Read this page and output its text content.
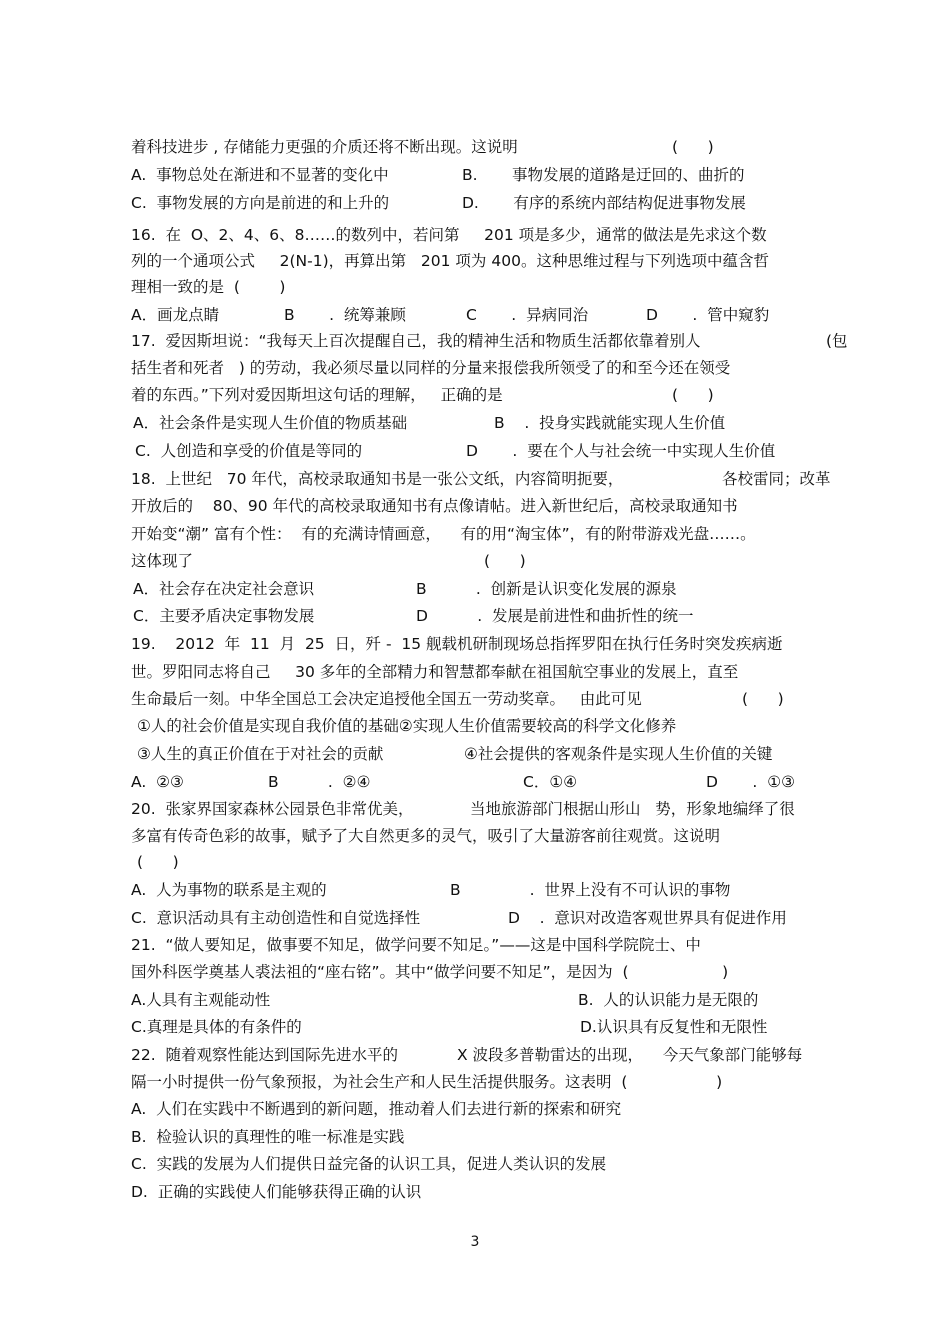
着科技进步 , 存储能力更强的介质还将不断出现。这说明

	(      )

A.  事物总处在渐进和不显著的变化中

	B.       事物发展的道路是迂回的、曲折的

C.  事物发展的方向是前进的和上升的

	D.       有序的系统内部结构促进事物发展

16.  在  O、2、4、6、8……的数列中，若问第     201 项是多少，通常的做法是先求这个数

列的一个通项公式     2(N-1)，再算出第   201 项为 400。这种思维过程与下列选项中蕴含哲

理相一致的是  (        )

A．画龙点睛

	B       .  统筹兼顾

	C       .  异病同治

	D       .  管中窥豹

17.  爱因斯坦说：“我每天上百次提醒自己，我的精神生活和物质生活都依靠着别人

	(包

括生者和死者   ) 的劳动，我必须尽量以同样的分量来报偿我所领受了的和至今还在领受

着的东西。”下列对爱因斯坦这句话的理解，   正确的是

	(      )

A．社会条件是实现人生价值的物质基础

	B    .  投身实践就能实现人生价值

C.  人创造和享受的价值是等同的

	D       .  要在个人与社会统一中实现人生价值

18.  上世纪   70 年代，高校录取通知书是一张公文纸，内容简明扼要，

	各校雷同；改革

开放后的    80、90 年代的高校录取通知书有点像请帖。进入新世纪后，高校录取通知书

开始变“潮” 富有个性：  有的充满诗情画意，    有的用“淘宝体”，有的附带游戏光盘……。

这体现了

	(      )

A．社会存在决定社会意识

	B          .  创新是认识变化发展的源泉

C．主要矛盾决定事物发展

	D          .  发展是前进性和曲折性的统一

19.    2012  年  11  月  25  日，歼 -  15 舰载机研制现场总指挥罗阳在执行任务时突发疾病逝

世。罗阳同志将自己     30 多年的全部精力和智慧都奉献在祖国航空事业的发展上，直至

生命最后一刻。中华全国总工会决定追授他全国五一劳动奖章。   由此可见

	(      )

①人的社会价值是实现自我价值的基础②实现人生价值需要较高的科学文化修养

③人生的真正价值在于对社会的贡献

	④社会提供的客观条件是实现人生价值的关键

A.  ②③

	B          .  ②④

	C．①④

	D       .  ①③

20.  张家界国家森林公园景色非常优美，

	当地旅游部门根据山形山   势，形象地编绎了很

多富有传奇色彩的故事，赋予了大自然更多的灵气，吸引了大量游客前往观赏。这说明

(      )

A.  人为事物的联系是主观的

	B              .  世界上没有不可认识的事物

C.  意识活动具有主动创造性和自觉选择性

	D    .  意识对改造客观世界具有促进作用

21.  “做人要知足，做事要不知足，做学问要不知足。”——这是中国科学院院士、中

国外科医学奠基人裘法祖的“座右铭”。其中“做学问要不知足”，是因为  (                   )

A.人具有主观能动性

	B.  人的认识能力是无限的

C.真理是具体的有条件的

	D.认识具有反复性和无限性

22.  随着观察性能达到国际先进水平的

	X 波段多普勒雷达的出现，    今天气象部门能够每

隔一小时提供一份气象预报，为社会生产和人民生活提供服务。这表明  (                  )

A.  人们在实践中不断遇到的新问题，推动着人们去进行新的探索和研究

B.  检验认识的真理性的唯一标准是实践

C.  实践的发展为人们提供日益完备的认识工具，促进人类认识的发展

D.  正确的实践使人们能够获得正确的认识

3
